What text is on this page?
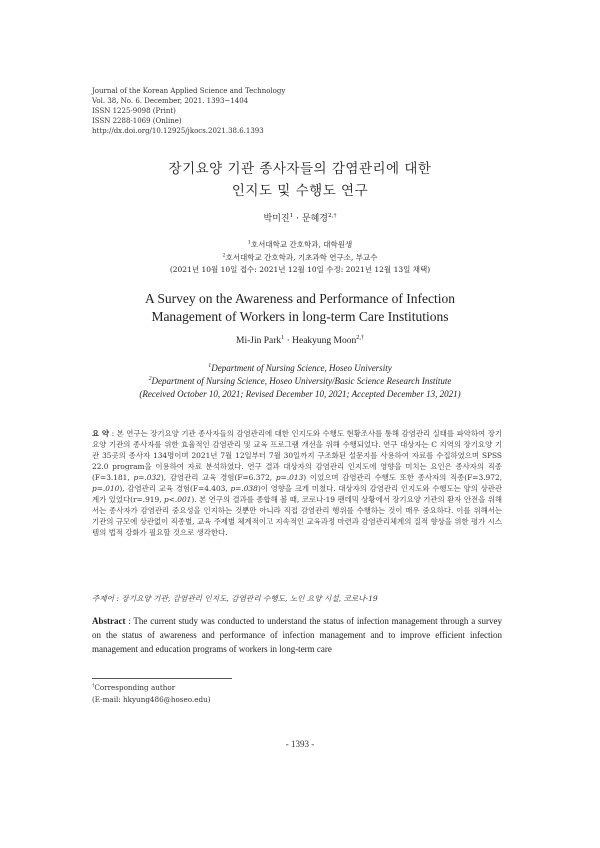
Journal of the Korean Applied Science and Technology
Vol. 38, No. 6. December, 2021. 1393~1404
ISSN 1225-9098 (Print)
ISSN 2288-1069 (Online)
http://dx.doi.org/10.12925/jkocs.2021.38.6.1393
장기요양 기관 종사자들의 감염관리에 대한
인지도 및 수행도 연구
박미진$^1$ · 문혜경$^{2,\dagger}$
$^1$호서대학교 간호학과, 대학원생
$^2$호서대학교 간호학과, 기초과학 연구소, 부교수
(2021년 10월 10일 접수: 2021년 12월 10일 수정: 2021년 12월 13일 채택)
A Survey on the Awareness and Performance of Infection
Management of Workers in long-term Care Institutions
Mi-Jin Park$^1$ · Heakyung Moon$^{2,\dagger}$
$^1$Department of Nursing Science, Hoseo University
$^2$Department of Nursing Science, Hoseo University/Basic Science Research Institute
(Received October 10, 2021; Revised December 10, 2021; Accepted December 13, 2021)
요 약 : 본 연구는 장기요양 기관 종사자들의 감염관리에 대한 인지도와 수행도 현황조사를 통해 감염관리 실태를 파악하여 장기요양 기관의 종사자를 위한 효율적인 감염관리 및 교육 프로그램 개선을 위해 수행되었다. 연구 대상자는 C 지역의 장기요양 기관 35곳의 종사자 134명이며 2021년 7월 12일부터 7월 30일까지 구조화된 설문지를 사용하여 자료를 수집하였으며 SPSS 22.0 program을 이용하여 자료 분석하였다. 연구 결과 대상자의 감염관리 인지도에 영향을 미치는 요인은 종사자의 직종(F=3.181, p=.032), 감염관리 교육 경험(F=6.372, p=.013) 이었으며 감염관리 수행도 또한 종사자의 직종(F=3.972, p=.010), 감염관리 교육 경험(F=4.403, p=.038)이 영향을 크게 미쳤다. 대상자의 감염관리 인지도와 수행도는 양의 상관관계가 있었다(r=.919, p<.001). 본 연구의 결과를 종합해 볼 때, 코로나-19 팬데믹 상황에서 장기요양 기관의 환자 안전을 위해서는 종사자가 감염관리 중요성을 인지하는 것뿐만 아니라 직접 감염관리 행위를 수행하는 것이 매우 중요하다. 이를 위해서는 기관의 규모에 상관없이 직종별, 교육 주제별 체계적이고 지속적인 교육과정 마련과 감염관리체계의 질적 향상을 위한 평가 시스템의 법적 강화가 필요할 것으로 생각한다.
주제어 : 장기요양 기관, 감염관리 인지도, 감염관리 수행도, 노인 요양 시설, 코로나-19
Abstract : The current study was conducted to understand the status of infection management through a survey on the status of awareness and performance of infection management and to improve efficient infection management and education programs of workers in long-term care
†Corresponding author
(E-mail: hkyung486@hoseo.edu)
- 1393 -
